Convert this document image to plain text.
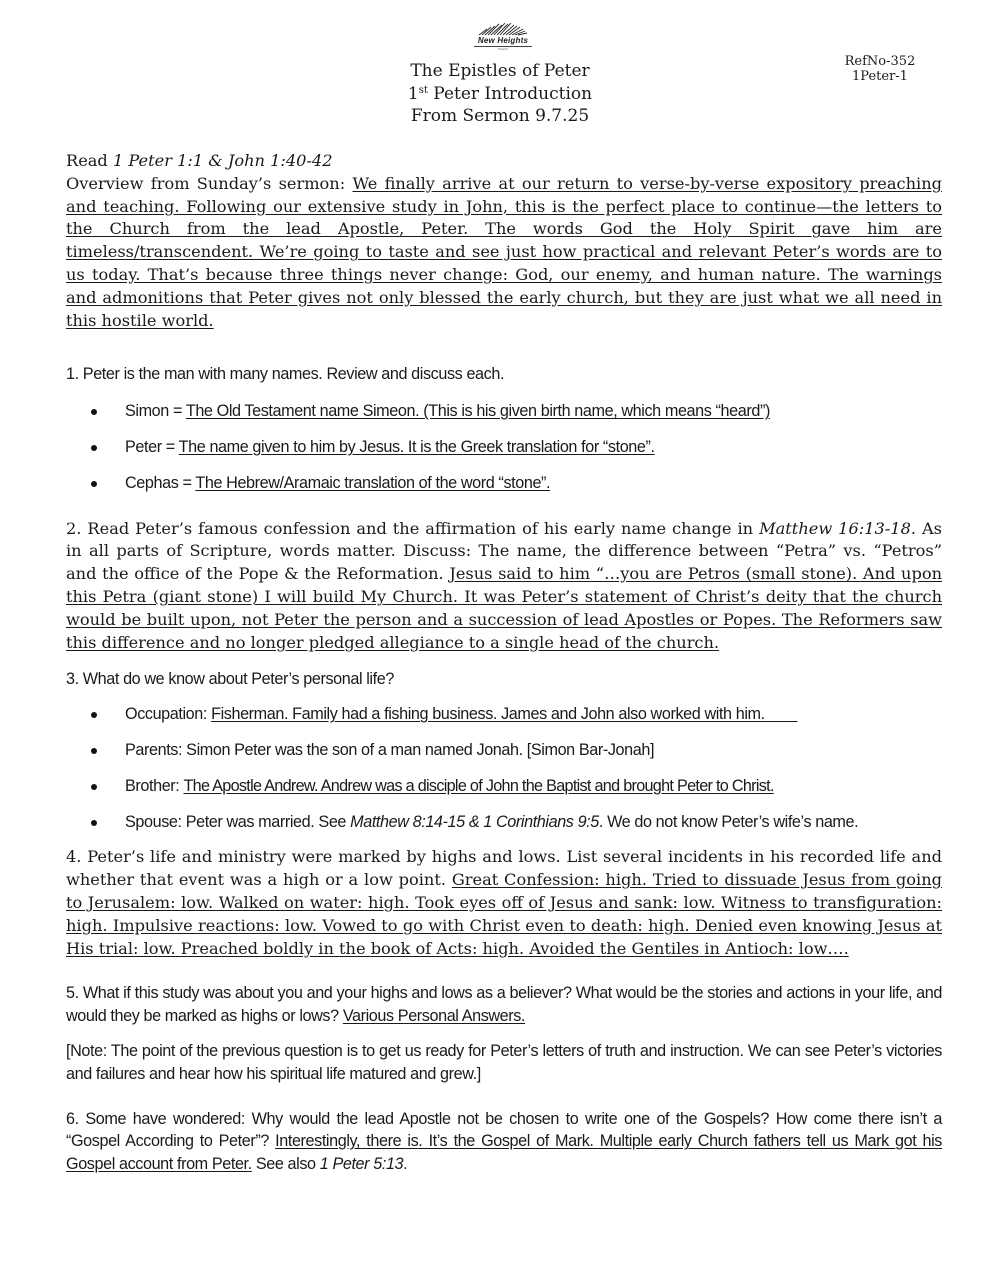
New Heights
Church
The Epistles of Peter
1st Peter Introduction
From Sermon 9.7.25
RefNo-352
1Peter-1

Read 1 Peter 1:1 & John 1:40-42

Overview from Sunday’s sermon: We finally arrive at our return to verse-by-verse expository preaching and teaching. Following our extensive study in John, this is the perfect place to continue—the letters to the Church from the lead Apostle, Peter. The words God the Holy Spirit gave him are timeless/transcendent. We’re going to taste and see just how practical and relevant Peter’s words are to us today. That’s because three things never change: God, our enemy, and human nature. The warnings and admonitions that Peter gives not only blessed the early church, but they are just what we all need in this hostile world.

1. Peter is the man with many names. Review and discuss each.

Simon = The Old Testament name Simeon. (This is his given birth name, which means “heard”)
Peter = The name given to him by Jesus. It is the Greek translation for “stone”.
Cephas = The Hebrew/Aramaic translation of the word “stone”.

2. Read Peter’s famous confession and the affirmation of his early name change in Matthew 16:13-18. As in all parts of Scripture, words matter. Discuss: The name, the difference between “Petra” vs. “Petros” and the office of the Pope & the Reformation. Jesus said to him “…you are Petros (small stone). And upon this Petra (giant stone) I will build My Church. It was Peter’s statement of Christ’s deity that the church would be built upon, not Peter the person and a succession of lead Apostles or Popes. The Reformers saw this difference and no longer pledged allegiance to a single head of the church.

3. What do we know about Peter’s personal life?

Occupation: Fisherman. Family had a fishing business. James and John also worked with him.
Parents: Simon Peter was the son of a man named Jonah. [Simon Bar-Jonah]
Brother: The Apostle Andrew. Andrew was a disciple of John the Baptist and brought Peter to Christ.
Spouse: Peter was married. See Matthew 8:14-15 & 1 Corinthians 9:5. We do not know Peter’s wife’s name.

4. Peter’s life and ministry were marked by highs and lows. List several incidents in his recorded life and whether that event was a high or a low point. Great Confession: high. Tried to dissuade Jesus from going to Jerusalem: low. Walked on water: high. Took eyes off of Jesus and sank: low. Witness to transfiguration: high. Impulsive reactions: low. Vowed to go with Christ even to death: high. Denied even knowing Jesus at His trial: low. Preached boldly in the book of Acts: high. Avoided the Gentiles in Antioch: low….

5. What if this study was about you and your highs and lows as a believer? What would be the stories and actions in your life, and would they be marked as highs or lows? Various Personal Answers.

[Note: The point of the previous question is to get us ready for Peter’s letters of truth and instruction. We can see Peter’s victories and failures and hear how his spiritual life matured and grew.]

6. Some have wondered: Why would the lead Apostle not be chosen to write one of the Gospels? How come there isn’t a “Gospel According to Peter”? Interestingly, there is. It’s the Gospel of Mark. Multiple early Church fathers tell us Mark got his Gospel account from Peter. See also 1 Peter 5:13.
